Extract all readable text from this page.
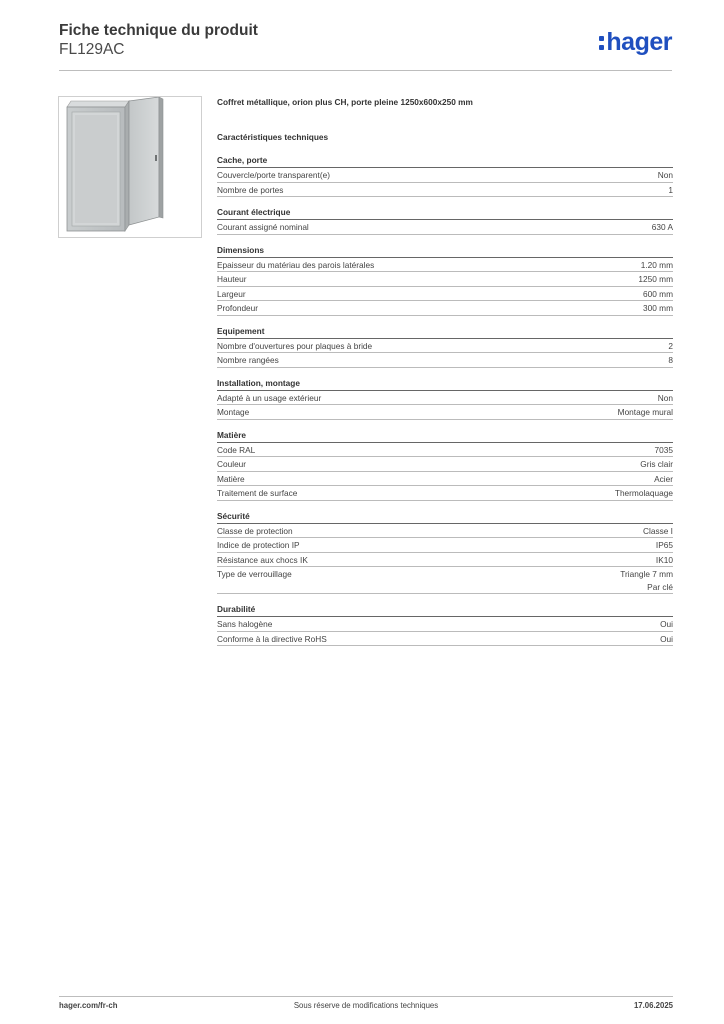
Fiche technique du produit
FL129AC	hager
Coffret métallique, orion plus CH, porte pleine 1250x600x250 mm
Caractéristiques techniques
Cache, porte
Couvercle/porte transparent(e)	Non
Nombre de portes	1
Courant électrique
Courant assigné nominal	630 A
Dimensions
Epaisseur du matériau des parois latérales	1.20 mm
Hauteur	1250 mm
Largeur	600 mm
Profondeur	300 mm
Equipement
Nombre d'ouvertures pour plaques à bride	2
Nombre rangées	8
Installation, montage
Adapté à un usage extérieur	Non
Montage	Montage mural
Matière
Code RAL	7035
Couleur	Gris clair
Matière	Acier
Traitement de surface	Thermolaquage
Sécurité
Classe de protection	Classe I
Indice de protection IP	IP65
Résistance aux chocs IK	IK10
Type de verrouillage	Triangle 7 mm
Par clé
Durabilité
Sans halogène	Oui
Conforme à la directive RoHS	Oui
hager.com/fr-ch	Sous réserve de modifications techniques	17.06.2025
